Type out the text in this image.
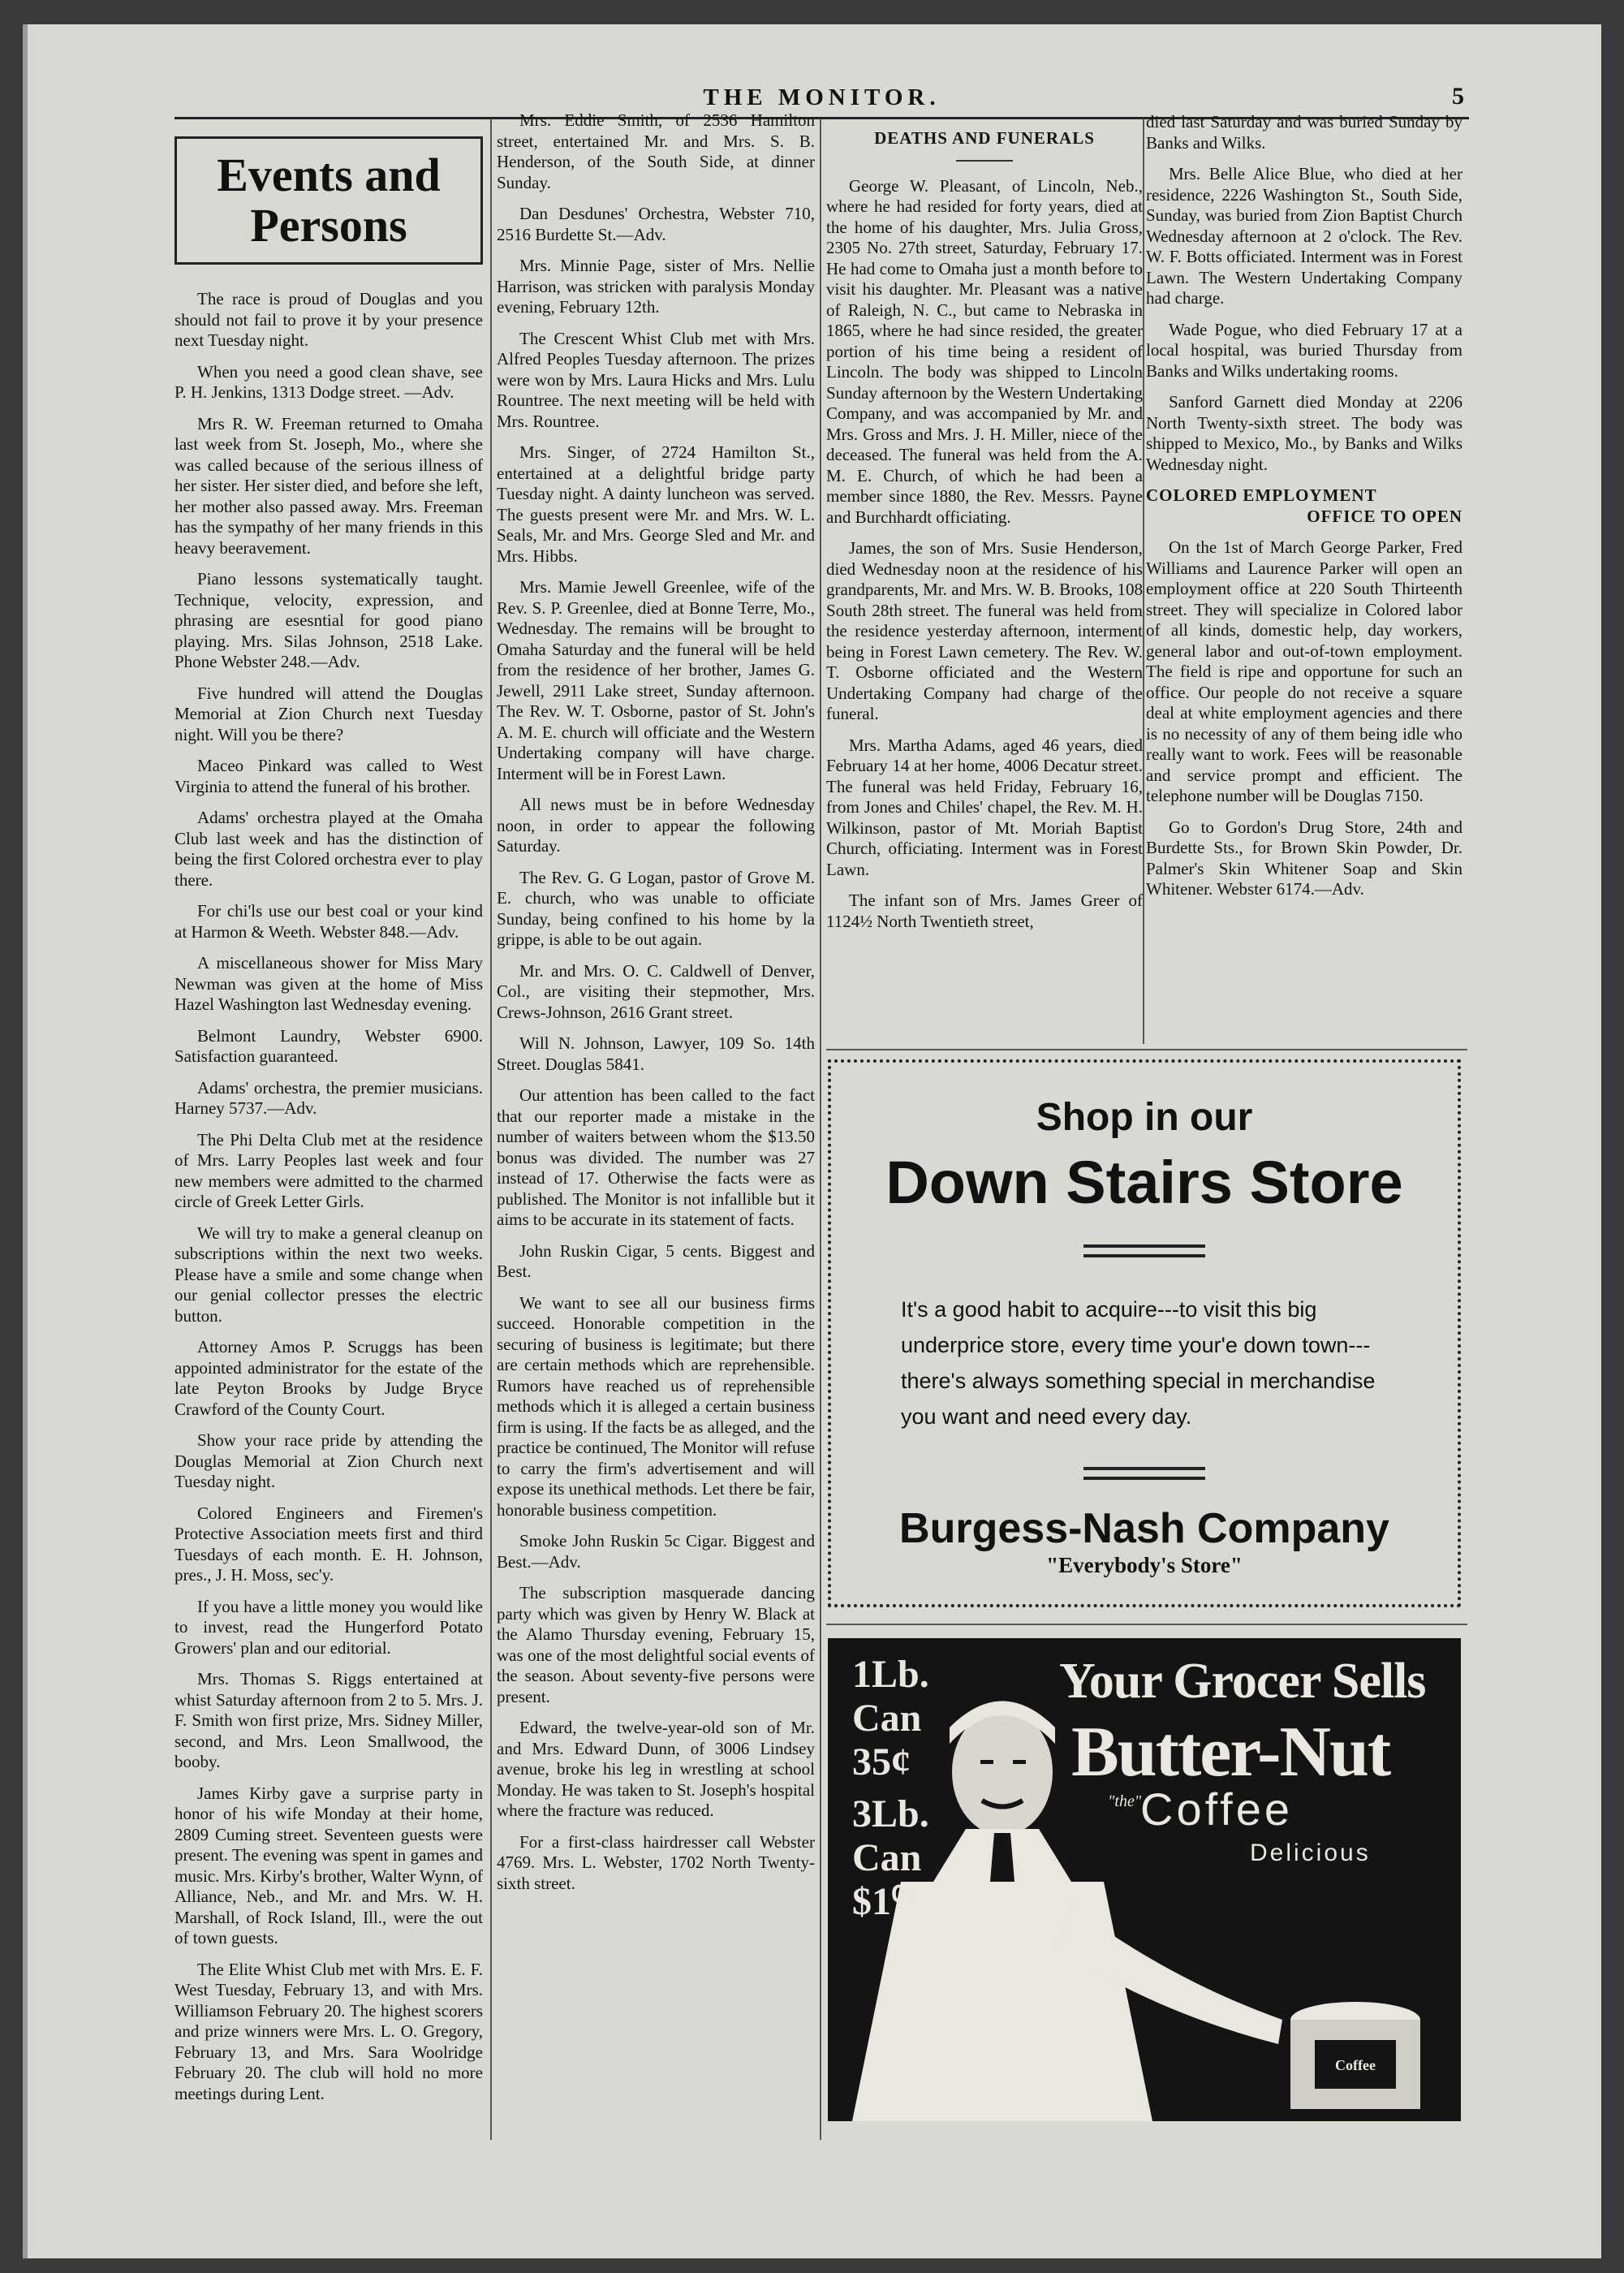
THE MONITOR.	5
Events and
Persons

The race is proud of Douglas and you should not fail to prove it by your presence next Tuesday night.

When you need a good clean shave, see P. H. Jenkins, 1313 Dodge street. —Adv.

Mrs R. W. Freeman returned to Omaha last week from St. Joseph, Mo., where she was called because of the serious illness of her sister. Her sister died, and before she left, her mother also passed away. Mrs. Freeman has the sympathy of her many friends in this heavy beeravement.

Piano lessons systematically taught. Technique, velocity, expression, and phrasing are esesntial for good piano playing. Mrs. Silas Johnson, 2518 Lake. Phone Webster 248.—Adv.

Five hundred will attend the Douglas Memorial at Zion Church next Tuesday night. Will you be there?

Maceo Pinkard was called to West Virginia to attend the funeral of his brother.

Adams' orchestra played at the Omaha Club last week and has the distinction of being the first Colored orchestra ever to play there.

For chi'ls use our best coal or your kind at Harmon & Weeth. Webster 848.—Adv.

A miscellaneous shower for Miss Mary Newman was given at the home of Miss Hazel Washington last Wednesday evening.

Belmont Laundry, Webster 6900. Satisfaction guaranteed.

Adams' orchestra, the premier musicians. Harney 5737.—Adv.

The Phi Delta Club met at the residence of Mrs. Larry Peoples last week and four new members were admitted to the charmed circle of Greek Letter Girls.

We will try to make a general cleanup on subscriptions within the next two weeks. Please have a smile and some change when our genial collector presses the electric button.

Attorney Amos P. Scruggs has been appointed administrator for the estate of the late Peyton Brooks by Judge Bryce Crawford of the County Court.

Show your race pride by attending the Douglas Memorial at Zion Church next Tuesday night.

Colored Engineers and Firemen's Protective Association meets first and third Tuesdays of each month. E. H. Johnson, pres., J. H. Moss, sec'y.

If you have a little money you would like to invest, read the Hungerford Potato Growers' plan and our editorial.

Mrs. Thomas S. Riggs entertained at whist Saturday afternoon from 2 to 5. Mrs. J. F. Smith won first prize, Mrs. Sidney Miller, second, and Mrs. Leon Smallwood, the booby.

James Kirby gave a surprise party in honor of his wife Monday at their home, 2809 Cuming street. Seventeen guests were present. The evening was spent in games and music. Mrs. Kirby's brother, Walter Wynn, of Alliance, Neb., and Mr. and Mrs. W. H. Marshall, of Rock Island, Ill., were the out of town guests.

The Elite Whist Club met with Mrs. E. F. West Tuesday, February 13, and with Mrs. Williamson February 20. The highest scorers and prize winners were Mrs. L. O. Gregory, February 13, and Mrs. Sara Woolridge February 20. The club will hold no more meetings during Lent.

Mrs. Eddie Smith, of 2536 Hamilton street, entertained Mr. and Mrs. S. B. Henderson, of the South Side, at dinner Sunday.

Dan Desdunes' Orchestra, Webster 710, 2516 Burdette St.—Adv.

Mrs. Minnie Page, sister of Mrs. Nellie Harrison, was stricken with paralysis Monday evening, February 12th.

The Crescent Whist Club met with Mrs. Alfred Peoples Tuesday afternoon. The prizes were won by Mrs. Laura Hicks and Mrs. Lulu Rountree. The next meeting will be held with Mrs. Rountree.

Mrs. Singer, of 2724 Hamilton St., entertained at a delightful bridge party Tuesday night. A dainty luncheon was served. The guests present were Mr. and Mrs. W. L. Seals, Mr. and Mrs. George Sled and Mr. and Mrs. Hibbs.

Mrs. Mamie Jewell Greenlee, wife of the Rev. S. P. Greenlee, died at Bonne Terre, Mo., Wednesday. The remains will be brought to Omaha Saturday and the funeral will be held from the residence of her brother, James G. Jewell, 2911 Lake street, Sunday afternoon. The Rev. W. T. Osborne, pastor of St. John's A. M. E. church will officiate and the Western Undertaking company will have charge. Interment will be in Forest Lawn.

All news must be in before Wednesday noon, in order to appear the following Saturday.

The Rev. G. G Logan, pastor of Grove M. E. church, who was unable to officiate Sunday, being confined to his home by la grippe, is able to be out again.

Mr. and Mrs. O. C. Caldwell of Denver, Col., are visiting their stepmother, Mrs. Crews-Johnson, 2616 Grant street.

Will N. Johnson, Lawyer, 109 So. 14th Street. Douglas 5841.

Our attention has been called to the fact that our reporter made a mistake in the number of waiters between whom the $13.50 bonus was divided. The number was 27 instead of 17. Otherwise the facts were as published. The Monitor is not infallible but it aims to be accurate in its statement of facts.

John Ruskin Cigar, 5 cents. Biggest and Best.

We want to see all our business firms succeed. Honorable competition in the securing of business is legitimate; but there are certain methods which are reprehensible. Rumors have reached us of reprehensible methods which it is alleged a certain business firm is using. If the facts be as alleged, and the practice be continued, The Monitor will refuse to carry the firm's advertisement and will expose its unethical methods. Let there be fair, honorable business competition.

Smoke John Ruskin 5c Cigar. Biggest and Best.—Adv.

The subscription masquerade dancing party which was given by Henry W. Black at the Alamo Thursday evening, February 15, was one of the most delightful social events of the season. About seventy-five persons were present.

Edward, the twelve-year-old son of Mr. and Mrs. Edward Dunn, of 3006 Lindsey avenue, broke his leg in wrestling at school Monday. He was taken to St. Joseph's hospital where the fracture was reduced.

For a first-class hairdresser call Webster 4769. Mrs. L. Webster, 1702 North Twenty-sixth street.

DEATHS AND FUNERALS

George W. Pleasant, of Lincoln, Neb., where he had resided for forty years, died at the home of his daughter, Mrs. Julia Gross, 2305 No. 27th street, Saturday, February 17. He had come to Omaha just a month before to visit his daughter. Mr. Pleasant was a native of Raleigh, N. C., but came to Nebraska in 1865, where he had since resided, the greater portion of his time being a resident of Lincoln. The body was shipped to Lincoln Sunday afternoon by the Western Undertaking Company, and was accompanied by Mr. and Mrs. Gross and Mrs. J. H. Miller, niece of the deceased. The funeral was held from the A. M. E. Church, of which he had been a member since 1880, the Rev. Messrs. Payne and Burchhardt officiating.

James, the son of Mrs. Susie Henderson, died Wednesday noon at the residence of his grandparents, Mr. and Mrs. W. B. Brooks, 108 South 28th street. The funeral was held from the residence yesterday afternoon, interment being in Forest Lawn cemetery. The Rev. W. T. Osborne officiated and the Western Undertaking Company had charge of the funeral.

Mrs. Martha Adams, aged 46 years, died February 14 at her home, 4006 Decatur street. The funeral was held Friday, February 16, from Jones and Chiles' chapel, the Rev. M. H. Wilkinson, pastor of Mt. Moriah Baptist Church, officiating. Interment was in Forest Lawn.

The infant son of Mrs. James Greer of 1124½ North Twentieth street,

died last Saturday and was buried Sunday by Banks and Wilks.

Mrs. Belle Alice Blue, who died at her residence, 2226 Washington St., South Side, Sunday, was buried from Zion Baptist Church Wednesday afternoon at 2 o'clock. The Rev. W. F. Botts officiated. Interment was in Forest Lawn. The Western Undertaking Company had charge.

Wade Pogue, who died February 17 at a local hospital, was buried Thursday from Banks and Wilks undertaking rooms.

Sanford Garnett died Monday at 2206 North Twenty-sixth street. The body was shipped to Mexico, Mo., by Banks and Wilks Wednesday night.

COLORED EMPLOYMENT
OFFICE TO OPEN

On the 1st of March George Parker, Fred Williams and Laurence Parker will open an employment office at 220 South Thirteenth street. They will specialize in Colored labor of all kinds, domestic help, day workers, general labor and out-of-town employment. The field is ripe and opportune for such an office. Our people do not receive a square deal at white employment agencies and there is no necessity of any of them being idle who really want to work. Fees will be reasonable and service prompt and efficient. The telephone number will be Douglas 7150.

Go to Gordon's Drug Store, 24th and Burdette Sts., for Brown Skin Powder, Dr. Palmer's Skin Whitener Soap and Skin Whitener. Webster 6174.—Adv.

Shop in our
Down Stairs Store
It's a good habit to acquire---to visit this big underprice store, every time your'e down town---there's always something special in merchandise you want and need every day.
Burgess-Nash Company
"Everybody's Store"
Coffee
1Lb.
Can
35¢
3Lb.
Can
$1⁰⁰
Your Grocer Sells
Butter-Nut
"the"
Coffee
Delicious
